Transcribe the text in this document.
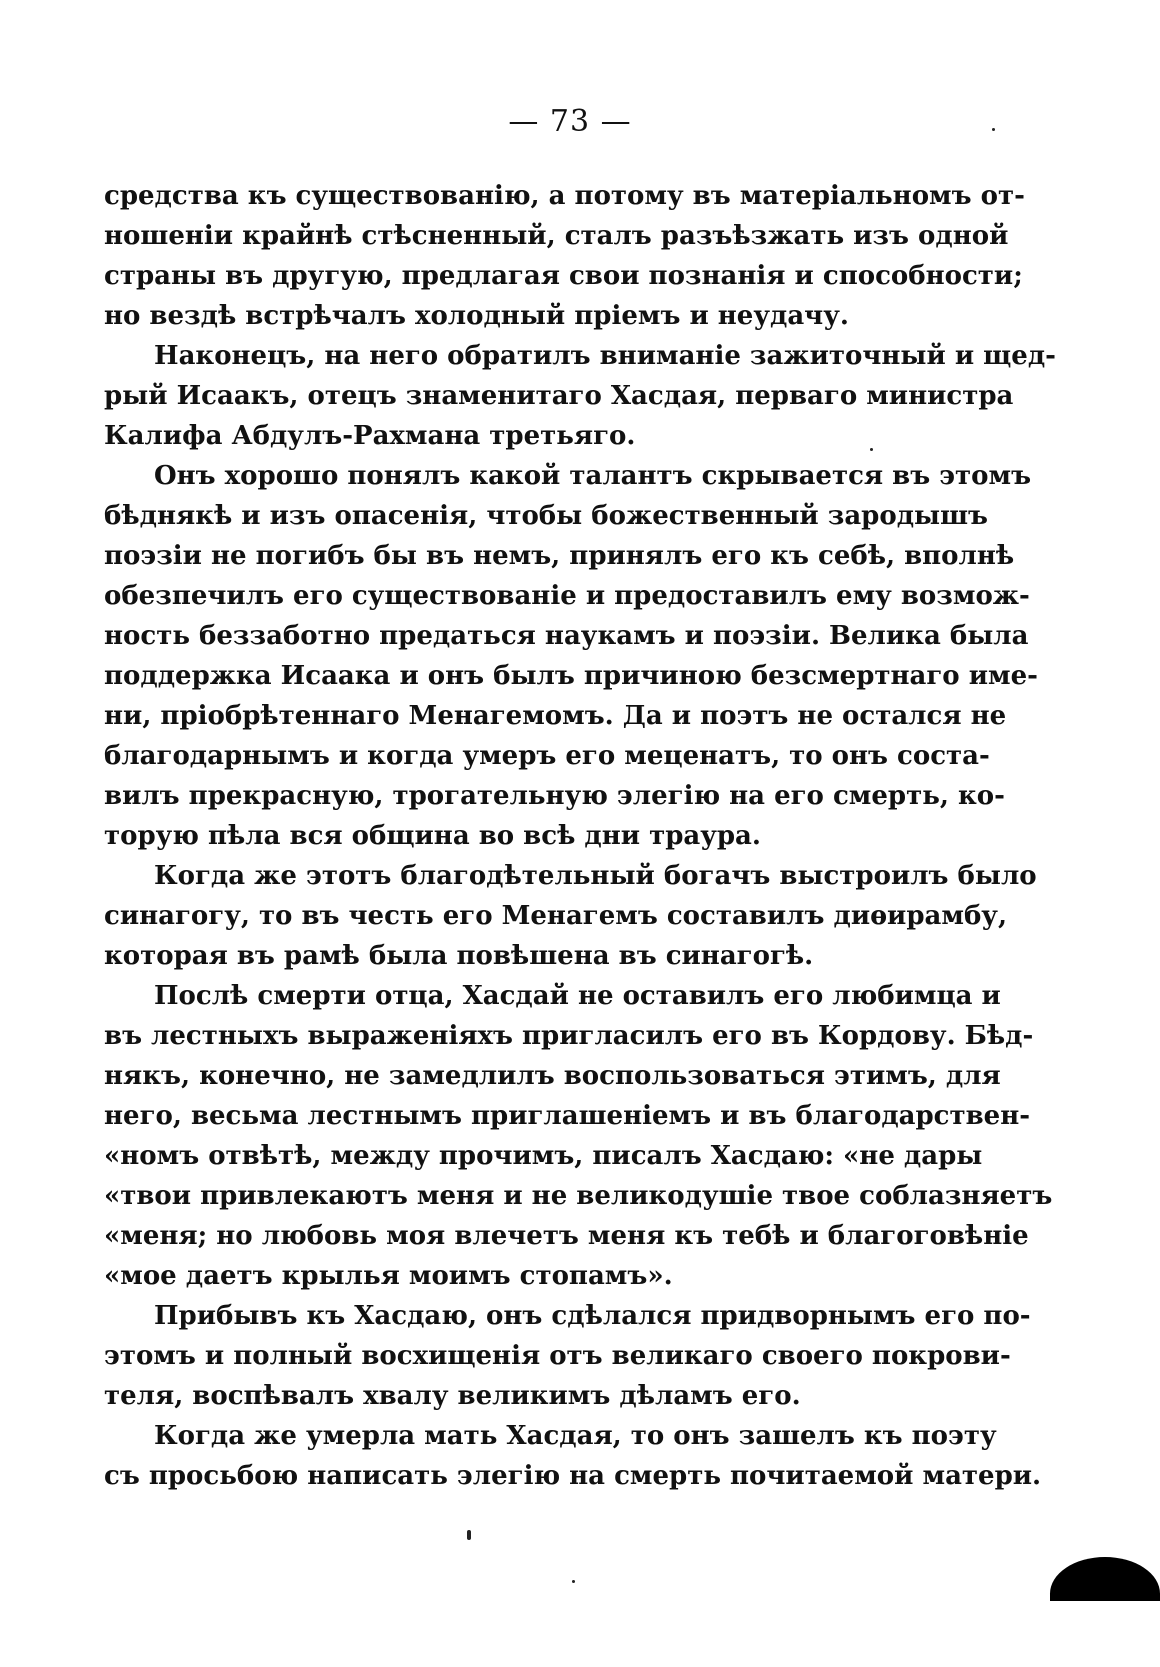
— 73 —
средства къ существованію, а потому въ матеріальномъ от-
ношеніи крайнѣ стѣсненный, сталъ разъѣзжать изъ одной
страны въ другую, предлагая свои познанія и способности;
но вездѣ встрѣчалъ холодный пріемъ и неудачу.
Наконецъ, на него обратилъ вниманіе зажиточный и щед-
рый Исаакъ, отецъ знаменитаго Хасдая, перваго министра
Калифа Абдулъ-Рахмана третьяго.
Онъ хорошо понялъ какой талантъ скрывается въ этомъ
бѣднякѣ и изъ опасенія, чтобы божественный зародышъ
поэзіи не погибъ бы въ немъ, принялъ его къ себѣ, вполнѣ
обезпечилъ его существованіе и предоставилъ ему возмож-
ность беззаботно предаться наукамъ и поэзіи. Велика была
поддержка Исаака и онъ былъ причиною безсмертнаго имe-
ни, пріобрѣтеннаго Менагемомъ. Да и поэтъ не остался не
благодарнымъ и когда умеръ его меценатъ, то онъ соста-
вилъ прекрасную, трогательную элегію на его смерть, ко-
торую пѣла вся община во всѣ дни траура.
Когда же этотъ благодѣтельный богачъ выстроилъ было
синагогу, то въ честь его Менагемъ составилъ диѳирамбу,
которая въ рамѣ была повѣшена въ синагогѣ.
Послѣ смерти отца, Хасдай не оставилъ его любимца и
въ лестныхъ выраженіяхъ пригласилъ его въ Кордову. Бѣд-
някъ, конечно, не замедлилъ воспользоваться этимъ, для
него, весьма лестнымъ приглашеніемъ и въ благодарствен-
«номъ отвѣтѣ, между прочимъ, писалъ Хасдаю: «не дары
«твои привлекаютъ меня и не великодушіе твое соблазняетъ
«меня; но любовь моя влечетъ меня къ тебѣ и благоговѣніе
«мое даетъ крылья моимъ стопамъ».
Прибывъ къ Хасдаю, онъ сдѣлался придворнымъ его по-
этомъ и полный восхищенія отъ великаго своего покрови-
теля, воспѣвалъ хвалу великимъ дѣламъ его.
Когда же умерла мать Хасдая, то онъ зашелъ къ поэту
съ просьбою написать элегію на смерть почитаемой матери.
